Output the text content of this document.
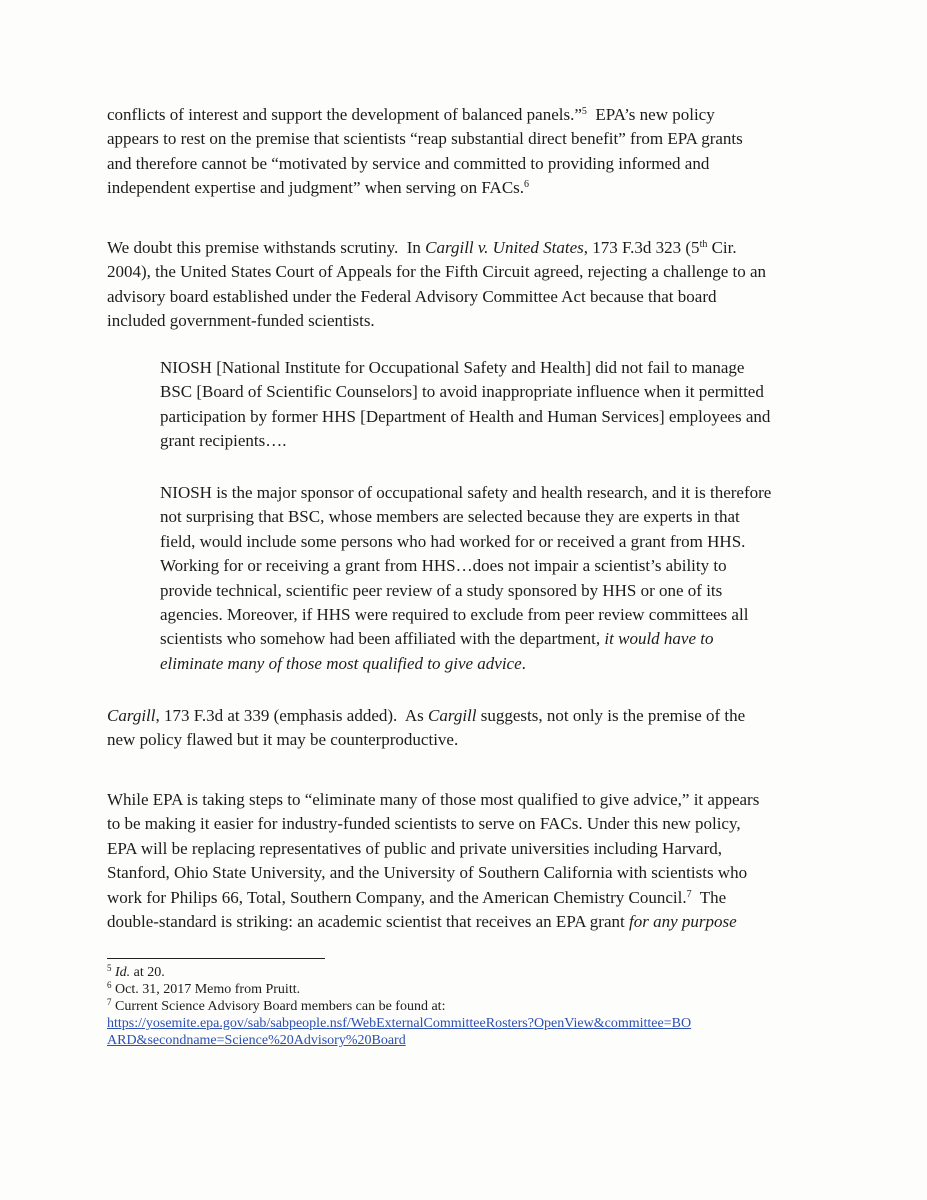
conflicts of interest and support the development of balanced panels.”$^5$  EPA’s new policy
appears to rest on the premise that scientists “reap substantial direct benefit” from EPA grants
and therefore cannot be “motivated by service and committed to providing informed and
independent expertise and judgment” when serving on FACs.$^6$

We doubt this premise withstands scrutiny.  In Cargill v. United States, 173 F.3d 323 (5th Cir.
2004), the United States Court of Appeals for the Fifth Circuit agreed, rejecting a challenge to an
advisory board established under the Federal Advisory Committee Act because that board
included government-funded scientists.

NIOSH [National Institute for Occupational Safety and Health] did not fail to manage
BSC [Board of Scientific Counselors] to avoid inappropriate influence when it permitted
participation by former HHS [Department of Health and Human Services] employees and
grant recipients….

NIOSH is the major sponsor of occupational safety and health research, and it is therefore
not surprising that BSC, whose members are selected because they are experts in that
field, would include some persons who had worked for or received a grant from HHS.
Working for or receiving a grant from HHS…does not impair a scientist’s ability to
provide technical, scientific peer review of a study sponsored by HHS or one of its
agencies. Moreover, if HHS were required to exclude from peer review committees all
scientists who somehow had been affiliated with the department, it would have to
eliminate many of those most qualified to give advice.

Cargill, 173 F.3d at 339 (emphasis added).  As Cargill suggests, not only is the premise of the
new policy flawed but it may be counterproductive.

While EPA is taking steps to “eliminate many of those most qualified to give advice,” it appears
to be making it easier for industry-funded scientists to serve on FACs. Under this new policy,
EPA will be replacing representatives of public and private universities including Harvard,
Stanford, Ohio State University, and the University of Southern California with scientists who
work for Philips 66, Total, Southern Company, and the American Chemistry Council.$^7$  The
double-standard is striking: an academic scientist that receives an EPA grant for any purpose

$^5$ Id. at 20.
$^6$ Oct. 31, 2017 Memo from Pruitt.
$^7$ Current Science Advisory Board members can be found at:
https://yosemite.epa.gov/sab/sabpeople.nsf/WebExternalCommitteeRosters?OpenView&committee=BO
ARD&secondname=Science%20Advisory%20Board
